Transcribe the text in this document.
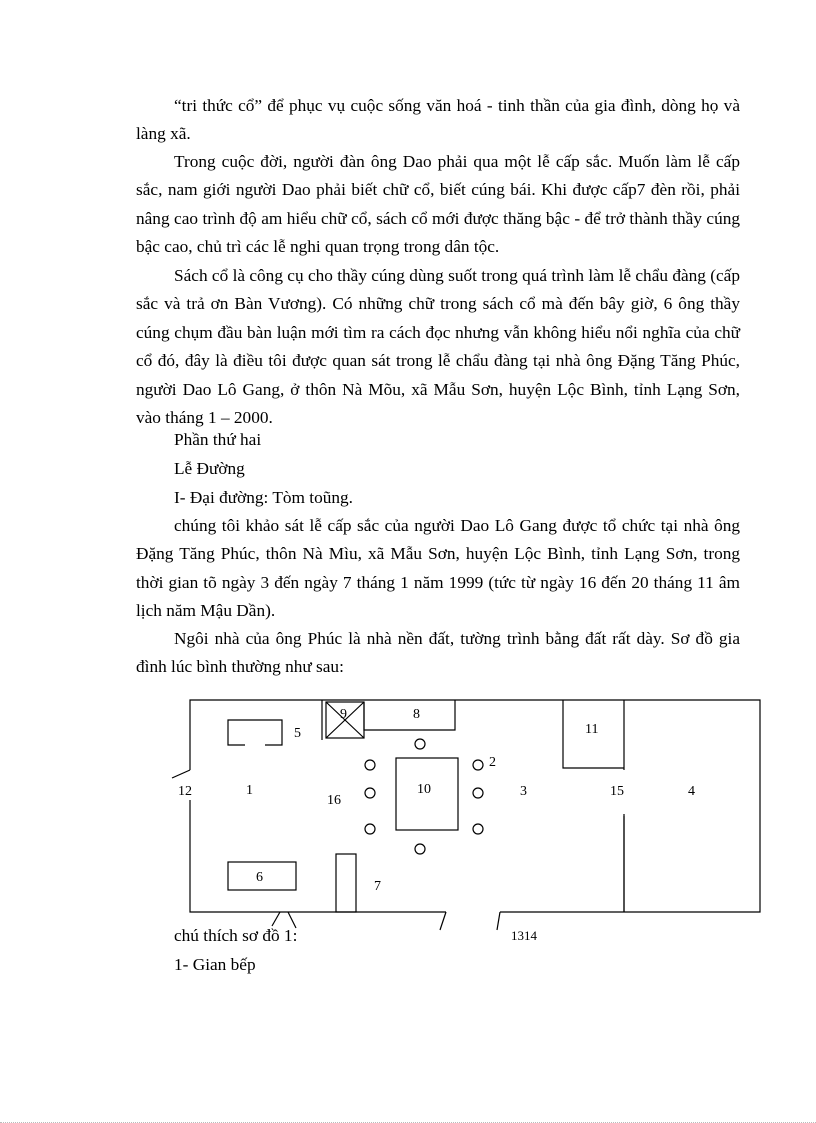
“tri thức cổ” để phục vụ cuộc sống văn hoá - tinh thần của gia đình, dòng họ và làng xã.

Trong cuộc đời, người đàn ông Dao phải qua một lễ cấp sắc. Muốn làm lễ cấp sắc, nam giới người Dao phải biết chữ cổ, biết cúng bái. Khi được cấp7 đèn rồi, phải nâng cao trình độ am hiểu chữ cổ, sách cổ mới được thăng bậc - để trở thành thầy cúng bậc cao, chủ trì các lễ nghi quan trọng trong dân tộc.

Sách cổ là công cụ cho thầy cúng dùng suốt trong quá trình làm lễ chẩu đàng (cấp sắc và trả ơn Bàn Vương). Có những chữ trong sách cổ mà đến bây giờ, 6 ông thầy cúng chụm đầu bàn luận mới tìm ra cách đọc nhưng vẫn không hiểu nổi nghĩa của chữ cổ đó, đây là điều tôi được quan sát trong lễ chẩu đàng tại nhà ông Đặng Tăng Phúc, người Dao Lô Gang, ở thôn Nà Mõu, xã Mẫu Sơn, huyện Lộc Bình, tỉnh Lạng Sơn, vào tháng 1 – 2000.

Phần thứ hai

Lễ Đường

I- Đại đường: Tòm toũng.

chúng tôi khảo sát lễ cấp sắc của người Dao Lô Gang được tổ chức tại nhà ông Đặng Tăng Phúc, thôn Nà Mìu, xã Mẫu Sơn, huyện Lộc Bình, tỉnh Lạng Sơn, trong thời gian tõ ngày 3 đến ngày 7 tháng 1 năm 1999 (tức từ ngày 16 đến 20 tháng 11 âm lịch năm Mậu Dần).

Ngôi nhà của ông Phúc là nhà nền đất, tường trình bằng đất rất dày. Sơ đồ gia đình lúc bình thường như sau:

12	1
5
6
9	8
16
10
2
3
11
15	4
7
1314

chú thích sơ đồ 1:

1- Gian bếp
